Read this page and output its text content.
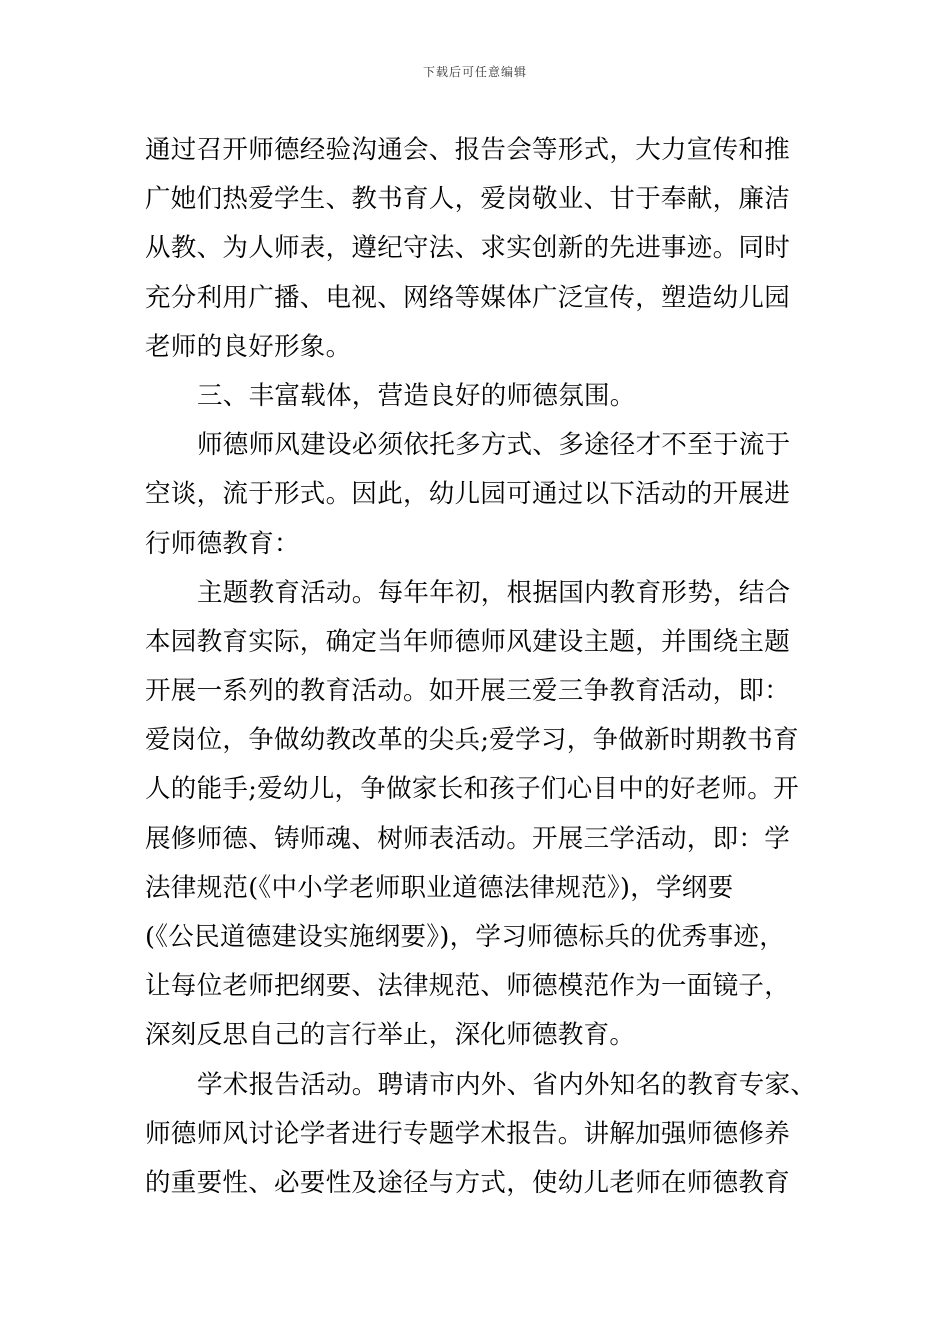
下载后可任意编辑
通过召开师德经验沟通会、报告会等形式，大力宣传和推
广她们热爱学生、教书育人，爱岗敬业、甘于奉献，廉洁
从教、为人师表，遵纪守法、求实创新的先进事迹。同时
充分利用广播、电视、网络等媒体广泛宣传，塑造幼儿园
老师的良好形象。
三、丰富载体，营造良好的师德氛围。
师德师风建设必须依托多方式、多途径才不至于流于
空谈，流于形式。因此，幼儿园可通过以下活动的开展进
行师德教育：
主题教育活动。每年年初，根据国内教育形势，结合
本园教育实际，确定当年师德师风建设主题，并围绕主题
开展一系列的教育活动。如开展三爱三争教育活动，即：
爱岗位，争做幼教改革的尖兵;爱学习，争做新时期教书育
人的能手;爱幼儿，争做家长和孩子们心目中的好老师。开
展修师德、铸师魂、树师表活动。开展三学活动，即：学
法律规范(《中小学老师职业道德法律规范》)，学纲要
(《公民道德建设实施纲要》)，学习师德标兵的优秀事迹，
让每位老师把纲要、法律规范、师德模范作为一面镜子，
深刻反思自己的言行举止，深化师德教育。
学术报告活动。聘请市内外、省内外知名的教育专家、
师德师风讨论学者进行专题学术报告。讲解加强师德修养
的重要性、必要性及途径与方式，使幼儿老师在师德教育
